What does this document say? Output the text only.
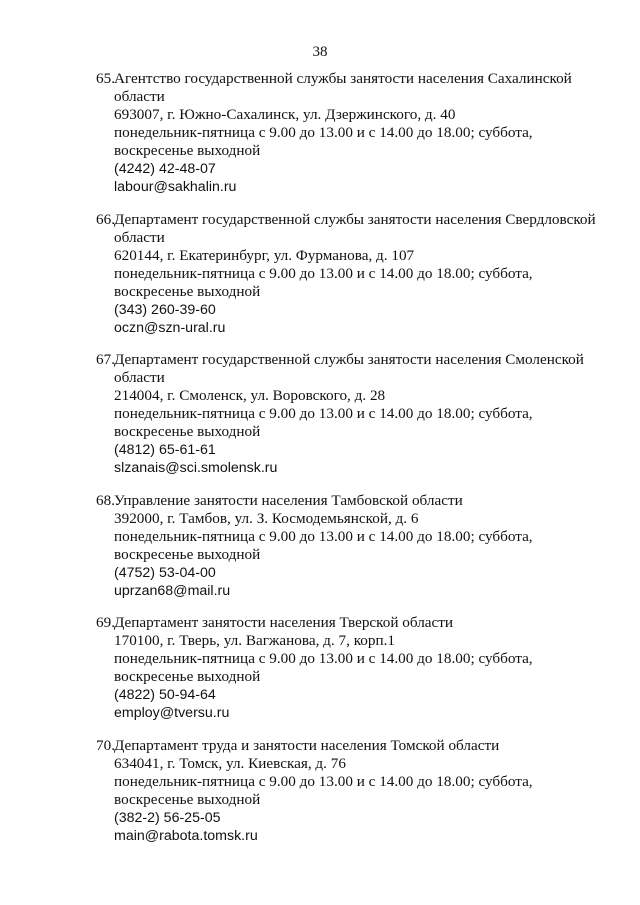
38
65. Агентство государственной службы занятости населения Сахалинской
области
693007, г. Южно-Сахалинск, ул. Дзержинского, д. 40
понедельник-пятница с 9.00 до 13.00 и с 14.00 до 18.00; суббота,
воскресенье выходной
(4242) 42-48-07
labour@sakhalin.ru
66. Департамент государственной службы занятости населения Свердловской
области
620144, г. Екатеринбург, ул. Фурманова, д. 107
понедельник-пятница с 9.00 до 13.00 и с 14.00 до 18.00; суббота,
воскресенье выходной
(343) 260-39-60
oczn@szn-ural.ru
67. Департамент государственной службы занятости населения Смоленской
области
214004, г. Смоленск, ул. Воровского, д. 28
понедельник-пятница с 9.00 до 13.00 и с 14.00 до 18.00; суббота,
воскресенье выходной
(4812) 65-61-61
slzanais@sci.smolensk.ru
68. Управление занятости населения Тамбовской области
392000, г. Тамбов, ул. З. Космодемьянской, д. 6
понедельник-пятница с 9.00 до 13.00 и с 14.00 до 18.00; суббота,
воскресенье выходной
(4752) 53-04-00
uprzan68@mail.ru
69. Департамент занятости населения Тверской области
170100, г. Тверь, ул. Вагжанова, д. 7, корп.1
понедельник-пятница с 9.00 до 13.00 и с 14.00 до 18.00; суббота,
воскресенье выходной
(4822) 50-94-64
employ@tversu.ru
70. Департамент труда и занятости населения Томской области
634041, г. Томск, ул. Киевская, д. 76
понедельник-пятница с 9.00 до 13.00 и с 14.00 до 18.00; суббота,
воскресенье выходной
(382-2) 56-25-05
main@rabota.tomsk.ru
